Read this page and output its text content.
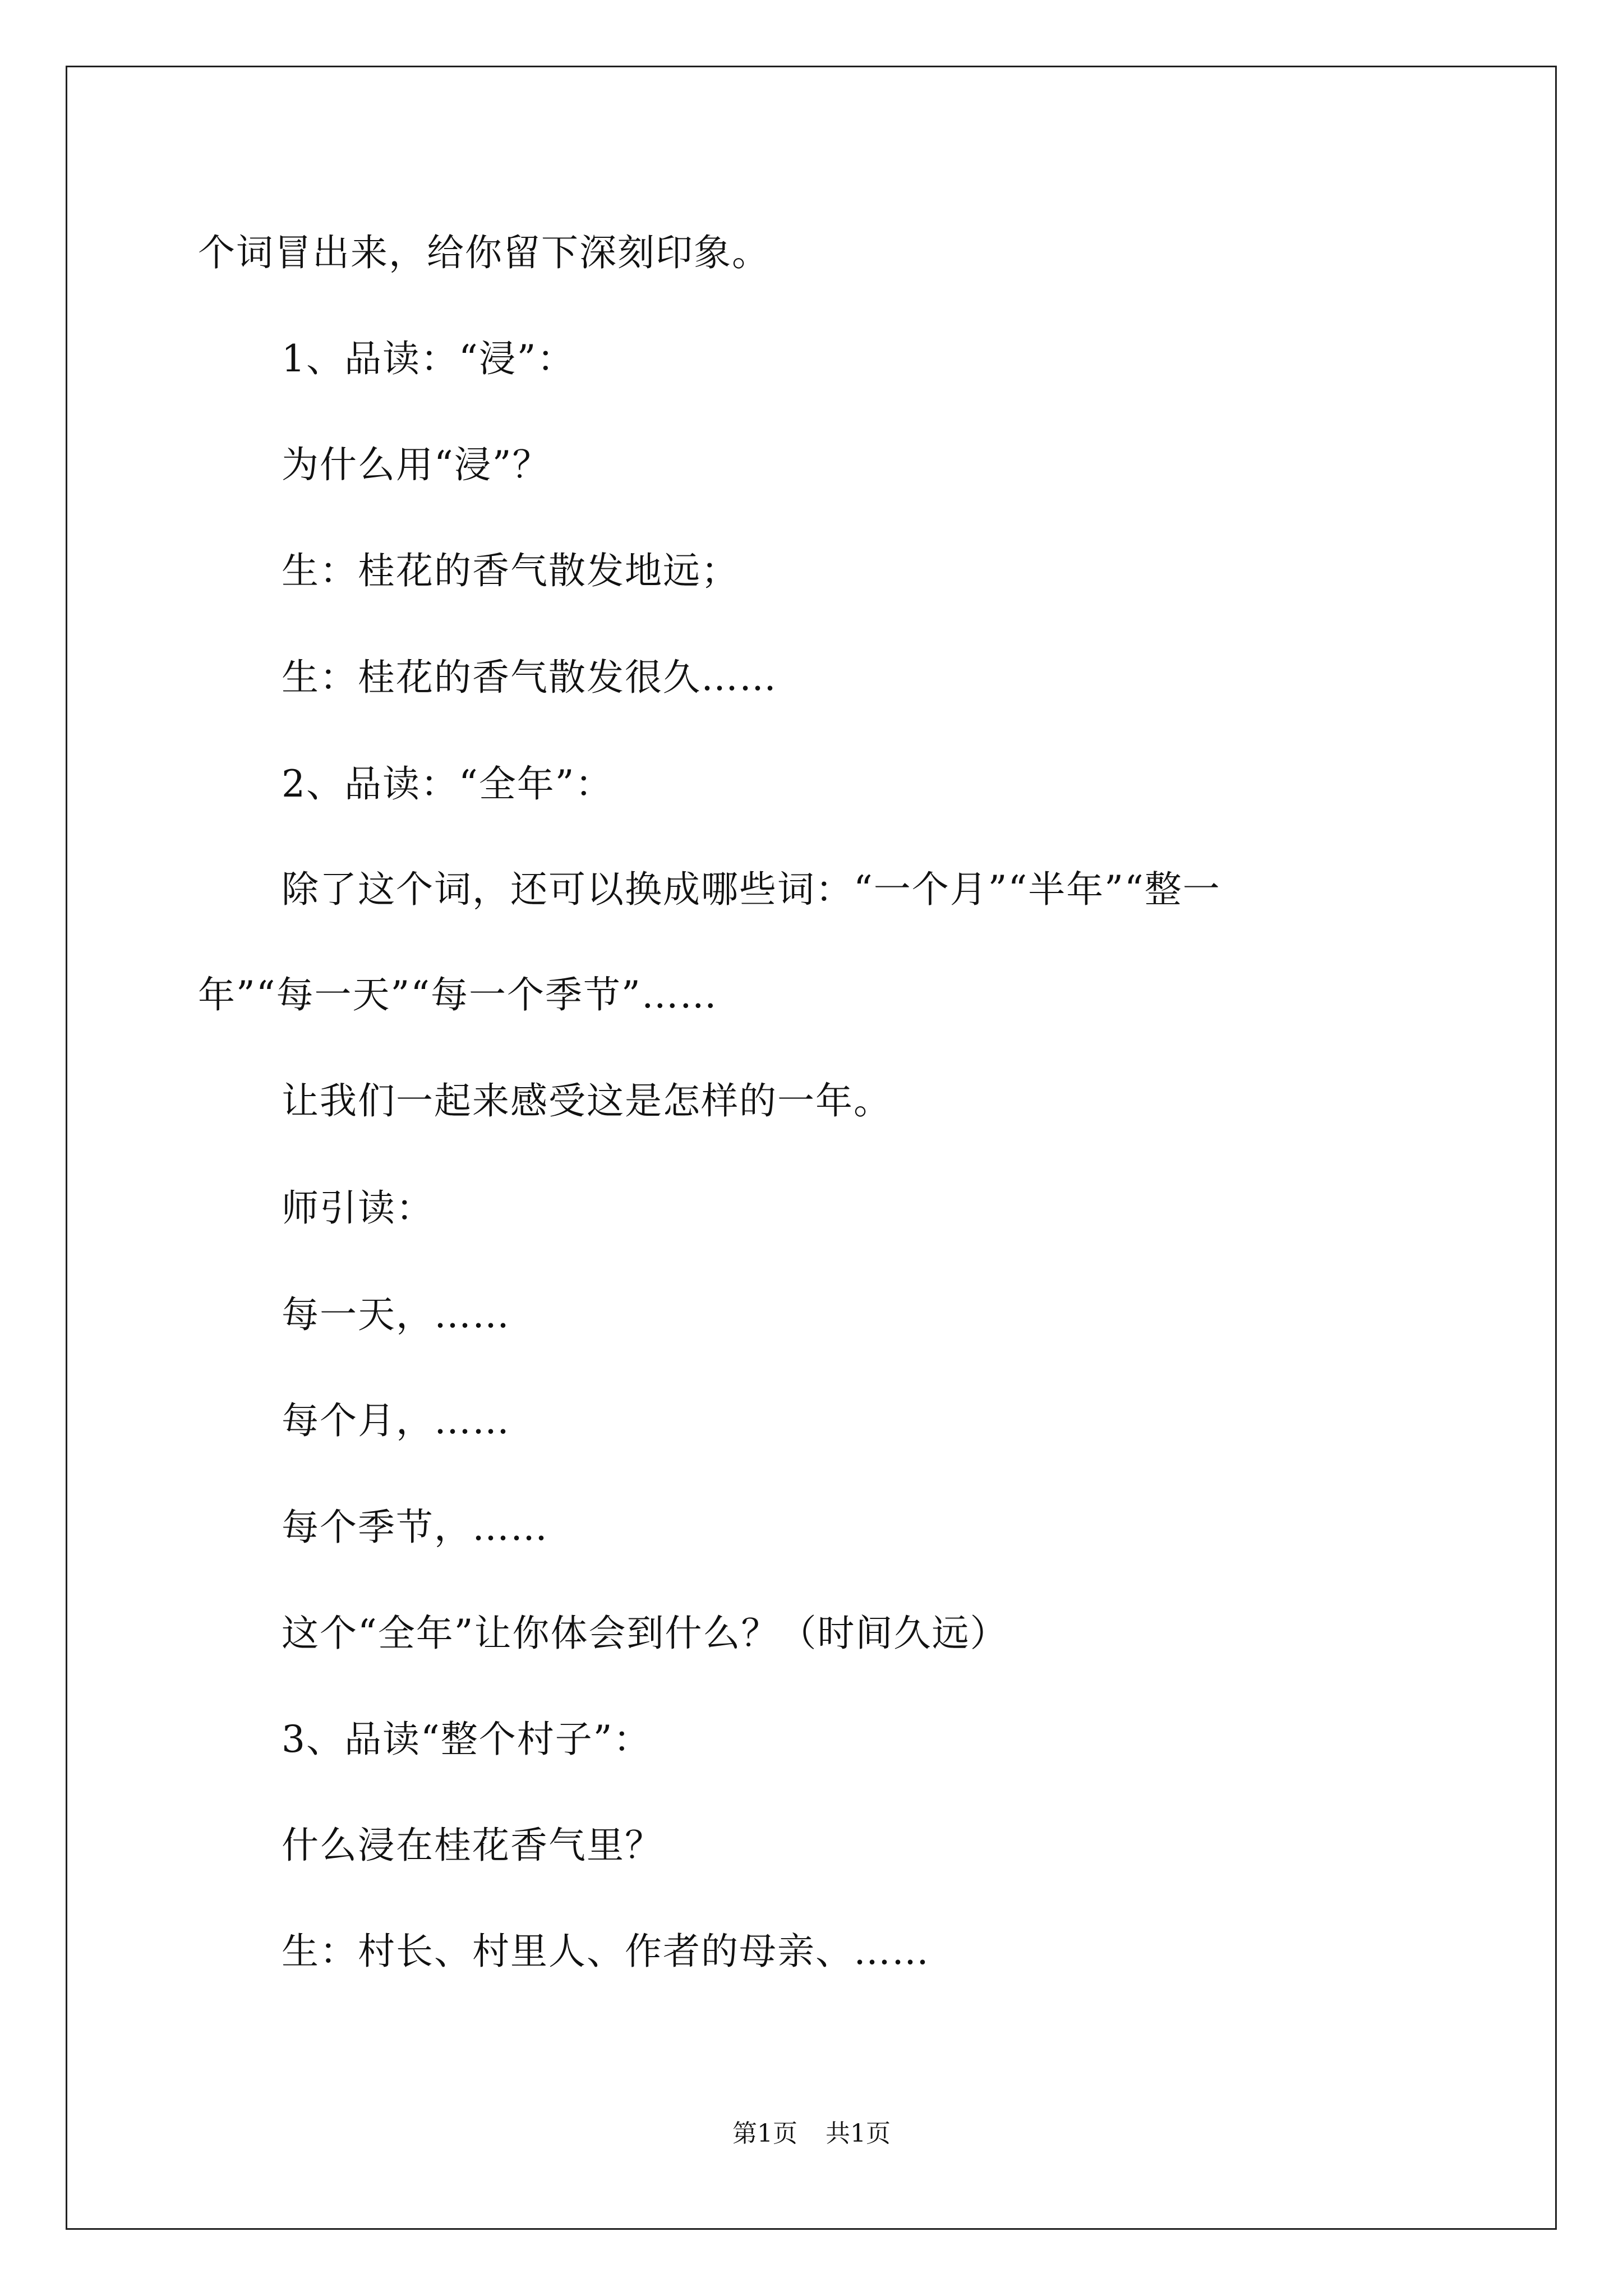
个词冒出来，给你留下深刻印象。

1、品读：“浸”：

为什么用“浸”？

生：桂花的香气散发地远；

生：桂花的香气散发很久……

2、品读：“全年”：

除了这个词，还可以换成哪些词：“一个月”“半年”“整一

年”“每一天”“每一个季节”……

让我们一起来感受这是怎样的一年。

师引读：

每一天，……

每个月，……

每个季节，……

这个“全年”让你体会到什么？（时间久远）

3、品读“整个村子”：

什么浸在桂花香气里？

生：村长、村里人、作者的母亲、……

第1页 共1页
